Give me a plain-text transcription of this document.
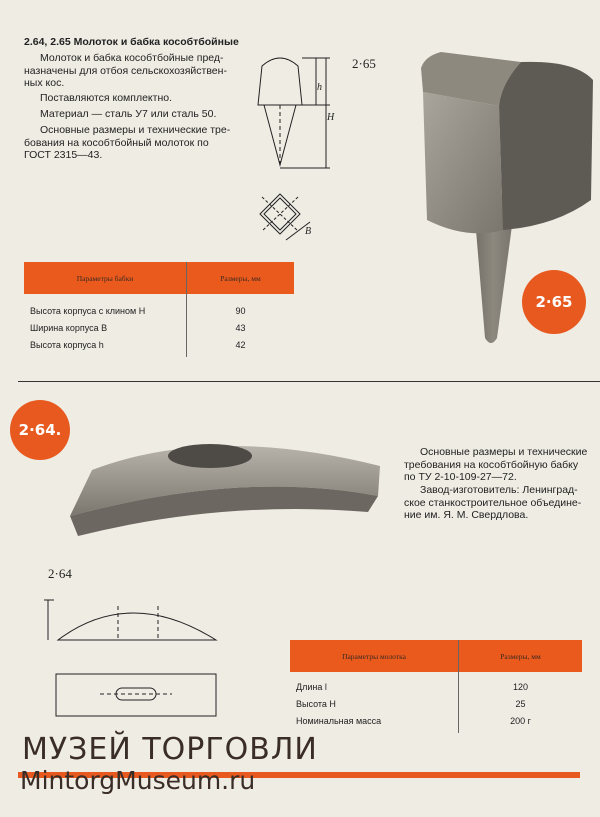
2.64, 2.65 Молоток и бабка кособтбойные
Молоток и бабка кособтбойные пред-
назначены для отбоя сельскохозяйствен-
ных кос.
Поставляются комплектно.
Материал — сталь У7 или сталь 50.
Основные размеры и технические тре-
бования на кособтбойный молоток по
ГОСТ 2315—43.
h
H
B
2·65
2·65
Параметры бабки	Размеры, мм

Высота корпуса с клином H	90
Ширина корпуса B	43
Высота корпуса h	42

2·64.
Основные размеры и технические
требования на кособтбойную бабку
по ТУ 2-10-109-27—72.
Завод-изготовитель: Ленинград-
ское станкостроительное объедине-
ние им. Я. М. Свердлова.
2·64
Параметры молотка	Размеры, мм

Длина l	120
Высота H	25
Номинальная масса	200 г

МУЗЕЙ ТОРГОВЛИ
MintorgMuseum.ru
